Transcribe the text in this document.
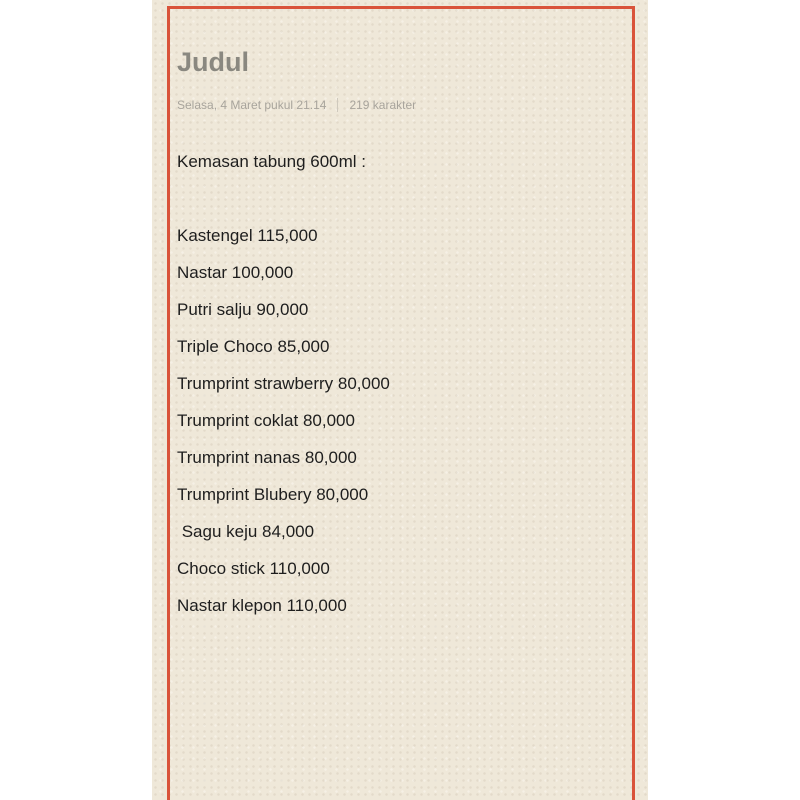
Judul
Selasa, 4 Maret pukul 21.14 219 karakter
Kemasan tabung 600ml :
Kastengel 115,000
Nastar 100,000
Putri salju 90,000
Triple Choco 85,000
Trumprint strawberry 80,000
Trumprint coklat 80,000
Trumprint nanas 80,000
Trumprint Blubery 80,000
Sagu keju 84,000
Choco stick 110,000
Nastar klepon 110,000
